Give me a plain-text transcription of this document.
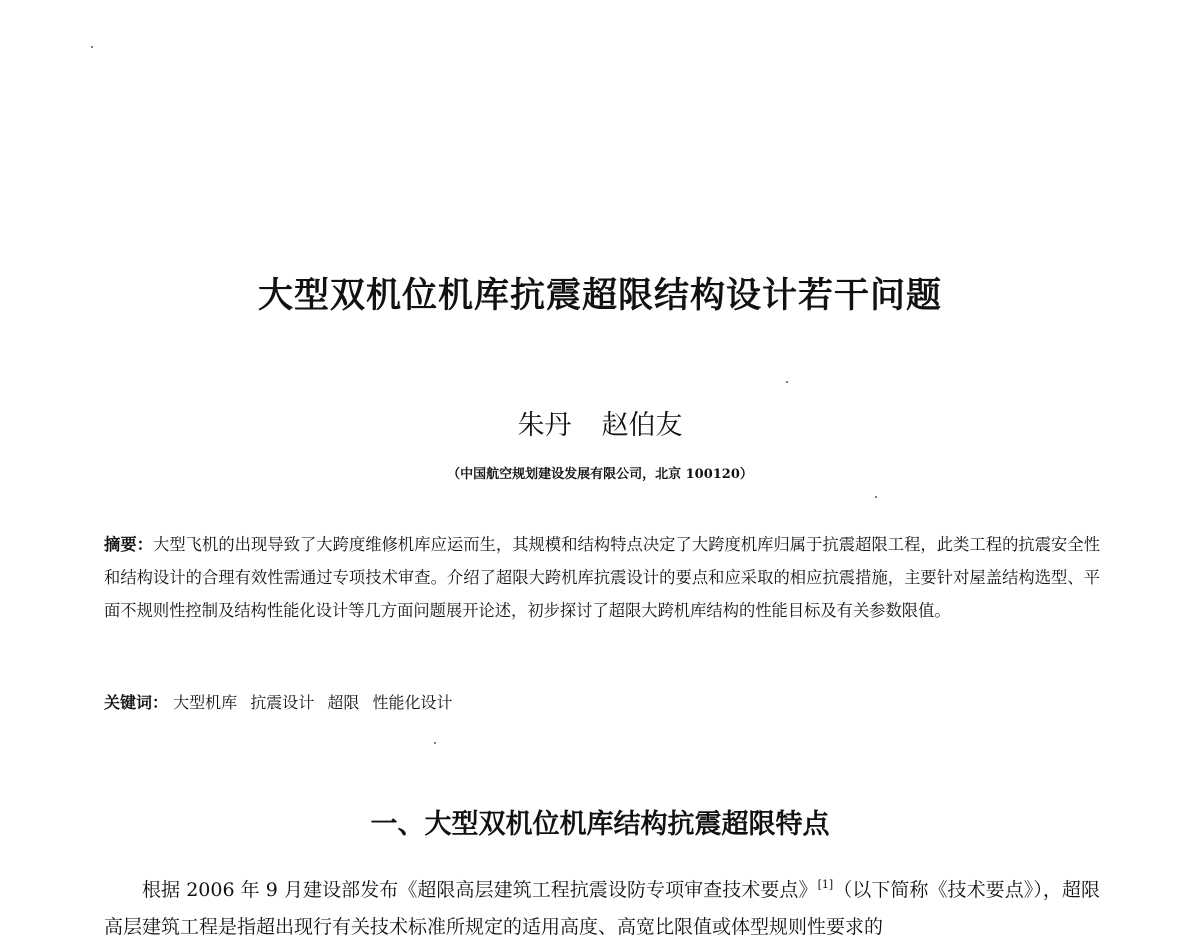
大型双机位机库抗震超限结构设计若干问题
朱丹 赵伯友
（中国航空规划建设发展有限公司，北京 100120）

摘要：大型飞机的出现导致了大跨度维修机库应运而生，其规模和结构特点决定了大跨度机库归属于抗震超限工程，此类工程的抗震安全性和结构设计的合理有效性需通过专项技术审查。介绍了超限大跨机库抗震设计的要点和应采取的相应抗震措施，主要针对屋盖结构选型、平面不规则性控制及结构性能化设计等几方面问题展开论述，初步探讨了超限大跨机库结构的性能目标及有关参数限值。

关键词： 大型机库 抗震设计 超限 性能化设计
一、大型双机位机库结构抗震超限特点

根据 2006 年 9 月建设部发布《超限高层建筑工程抗震设防专项审查技术要点》[1]（以下简称《技术要点》），超限高层建筑工程是指超出现行有关技术标准所规定的适用高度、高宽比限值或体型规则性要求的
